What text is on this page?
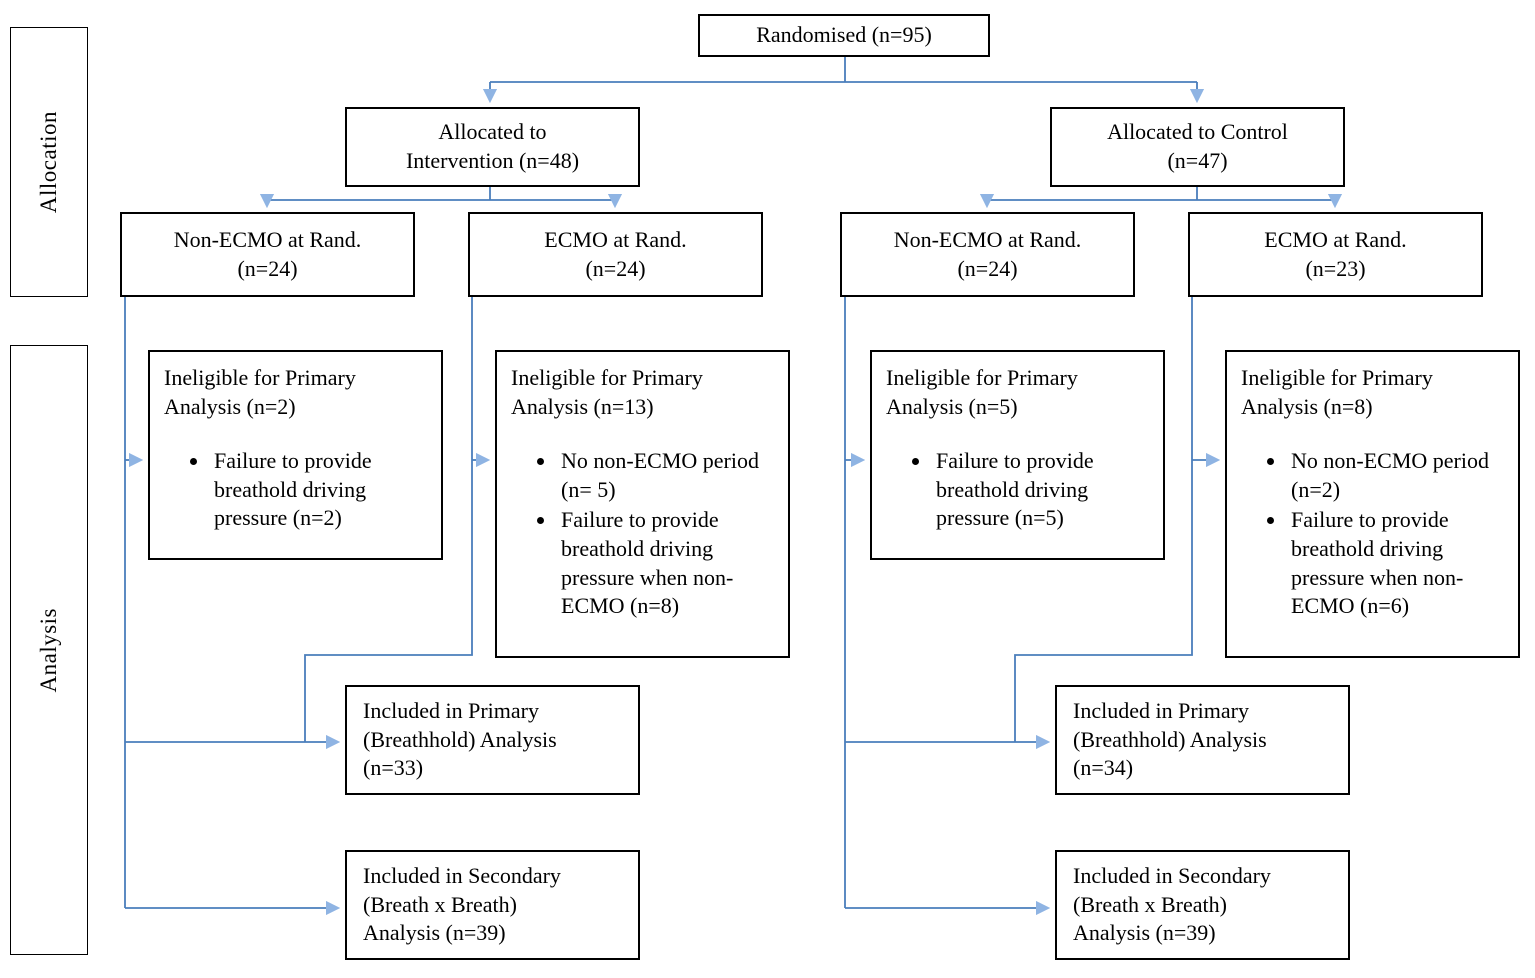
Allocation
Analysis
Randomised (n=95)
Allocated to
Intervention (n=48)
Allocated to Control
(n=47)
Non-ECMO at Rand.
(n=24)
ECMO at Rand.
(n=24)
Non-ECMO at Rand.
(n=24)
ECMO at Rand.
(n=23)
Ineligible for Primary
Analysis (n=2)
• Failure to provide breathold driving pressure (n=2)
Ineligible for Primary
Analysis (n=13)
• No non-ECMO period (n= 5)
• Failure to provide breathold driving pressure when non-ECMO (n=8)
Ineligible for Primary
Analysis (n=5)
• Failure to provide breathold driving pressure (n=5)
Ineligible for Primary
Analysis (n=8)
• No non-ECMO period (n=2)
• Failure to provide breathold driving pressure when non-ECMO (n=6)
Included in Primary
(Breathhold) Analysis
(n=33)
Included in Secondary
(Breath x Breath)
Analysis (n=39)
Included in Primary
(Breathhold) Analysis
(n=34)
Included in Secondary
(Breath x Breath)
Analysis (n=39)
